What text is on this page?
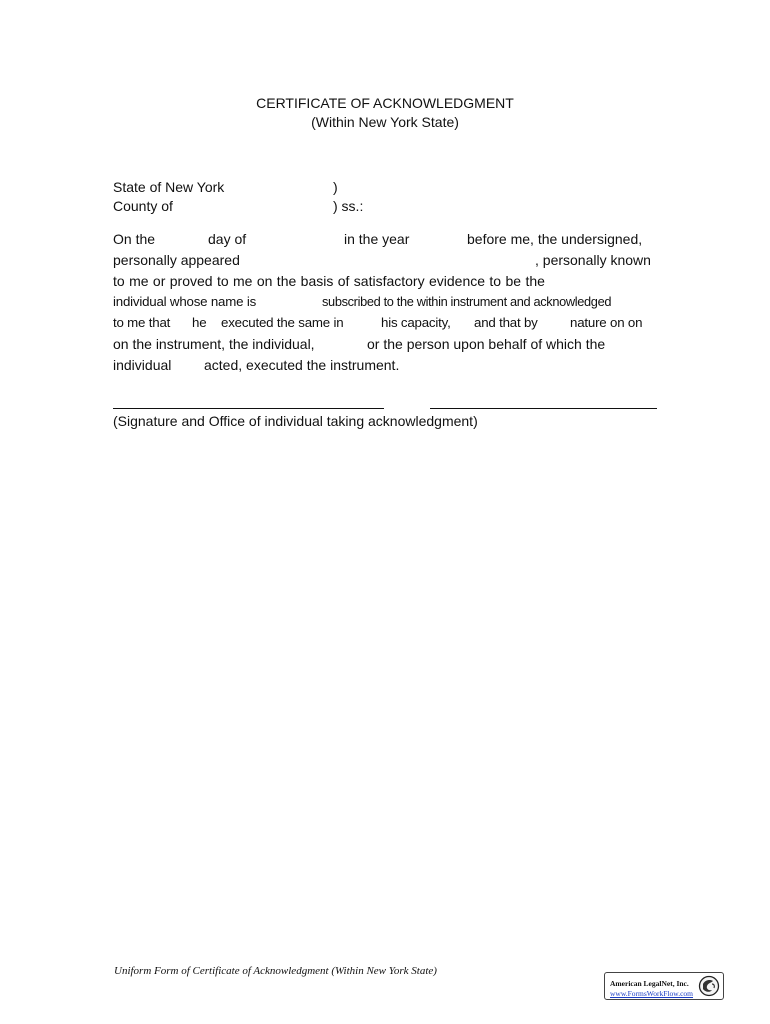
CERTIFICATE OF ACKNOWLEDGMENT
(Within New York State)
State of New York	)
County of	) ss.:
On the	day of	in the year	before me, the undersigned,
personally appeared	, personally known
to me or proved to me on the basis of satisfactory evidence to be the
individual whose name is	subscribed to the within instrument and acknowledged
to me that he executed the same in	his capacity, and that by nature on on
on the instrument, the individual,	or the person upon behalf of which the
individual acted, executed the instrument.
(Signature and Office of individual taking acknowledgment)
Uniform Form of Certificate of Acknowledgment (Within New York State)
American LegalNet, Inc.
www.FormsWorkFlow.com
